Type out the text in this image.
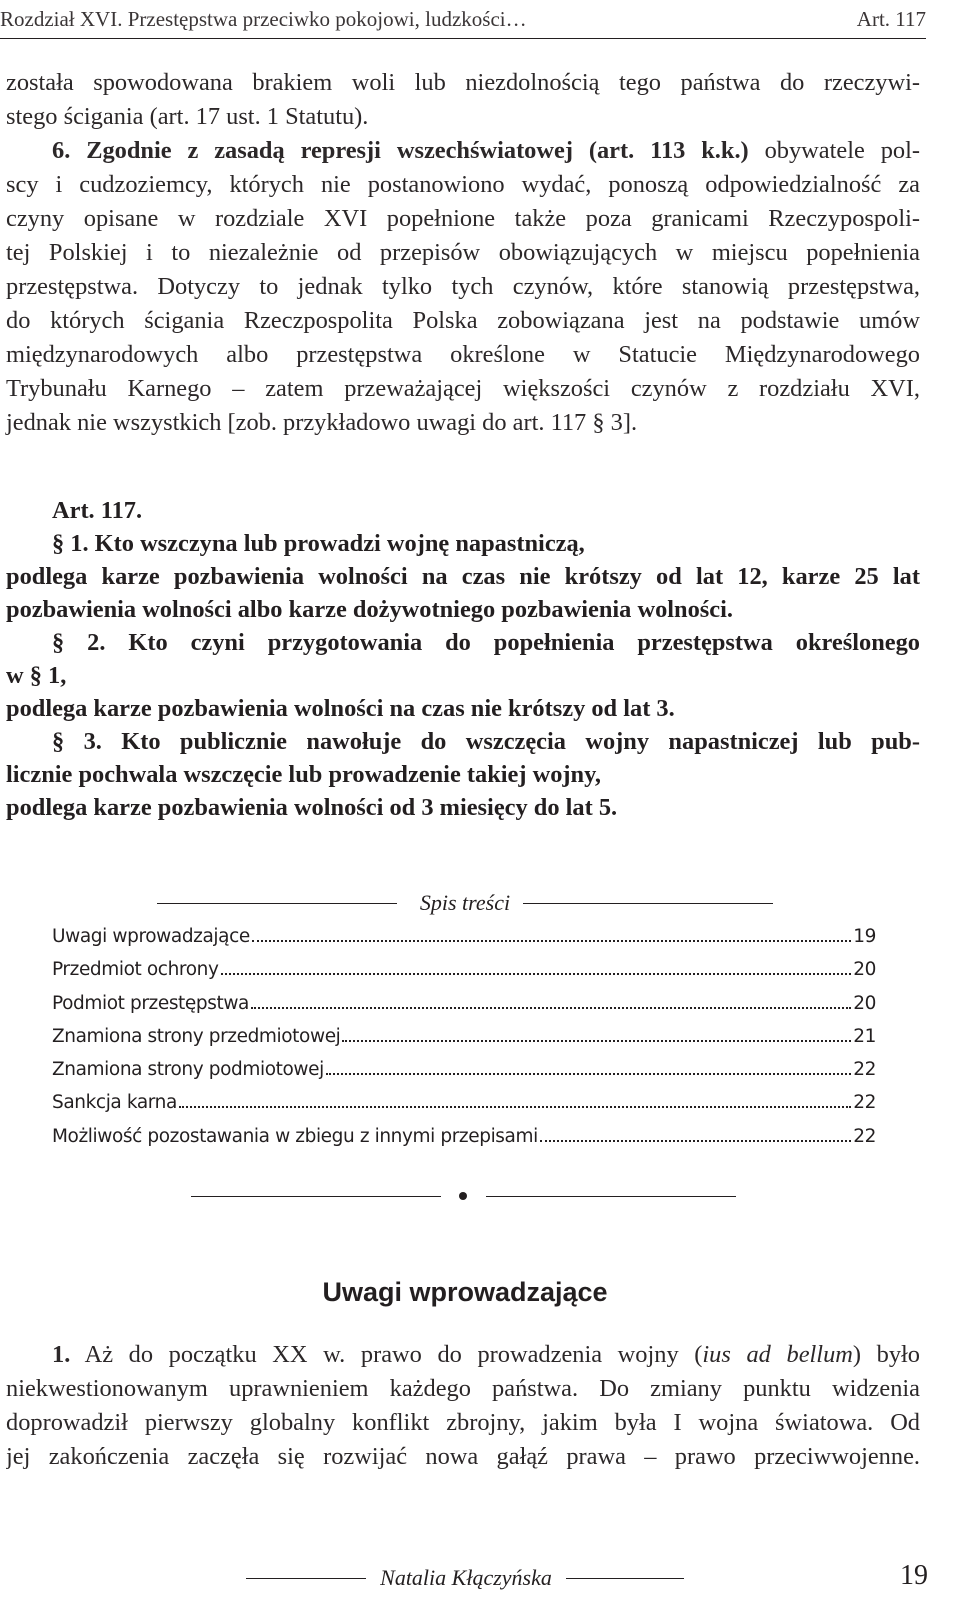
Rozdział XVI. Przestępstwa przeciwko pokojowi, ludzkości…	Art. 117
została spowodowana brakiem woli lub niezdolnością tego państwa do rzeczywi-
stego ścigania (art. 17 ust. 1 Statutu).
6. Zgodnie z zasadą represji wszechświatowej (art. 113 k.k.) obywatele pol-
scy i cudzoziemcy, których nie postanowiono wydać, ponoszą odpowiedzialność za
czyny opisane w rozdziale XVI popełnione także poza granicami Rzeczypospoli-
tej Polskiej i to niezależnie od przepisów obowiązujących w miejscu popełnienia
przestępstwa. Dotyczy to jednak tylko tych czynów, które stanowią przestępstwa,
do których ścigania Rzeczpospolita Polska zobowiązana jest na podstawie umów
międzynarodowych albo przestępstwa określone w Statucie Międzynarodowego
Trybunału Karnego – zatem przeważającej większości czynów z rozdziału XVI,
jednak nie wszystkich [zob. przykładowo uwagi do art. 117 § 3].
Art. 117.
§ 1. Kto wszczyna lub prowadzi wojnę napastniczą,
podlega karze pozbawienia wolności na czas nie krótszy od lat 12, karze 25 lat
pozbawienia wolności albo karze dożywotniego pozbawienia wolności.
§ 2. Kto czyni przygotowania do popełnienia przestępstwa określonego
w § 1,
podlega karze pozbawienia wolności na czas nie krótszy od lat 3.
§ 3. Kto publicznie nawołuje do wszczęcia wojny napastniczej lub pub-
licznie pochwala wszczęcie lub prowadzenie takiej wojny,
podlega karze pozbawienia wolności od 3 miesięcy do lat 5.
Spis treści
Uwagi wprowadzające	19
Przedmiot ochrony	20
Podmiot przestępstwa	20
Znamiona strony przedmiotowej	21
Znamiona strony podmiotowej	22
Sankcja karna	22
Możliwość pozostawania w zbiegu z innymi przepisami	22
Uwagi wprowadzające
1. Aż do początku XX w. prawo do prowadzenia wojny (ius ad bellum) było
niekwestionowanym uprawnieniem każdego państwa. Do zmiany punktu widzenia
doprowadził pierwszy globalny konflikt zbrojny, jakim była I wojna światowa. Od
jej zakończenia zaczęła się rozwijać nowa gałąź prawa – prawo przeciwwojenne.
Natalia Kłączyńska	19
